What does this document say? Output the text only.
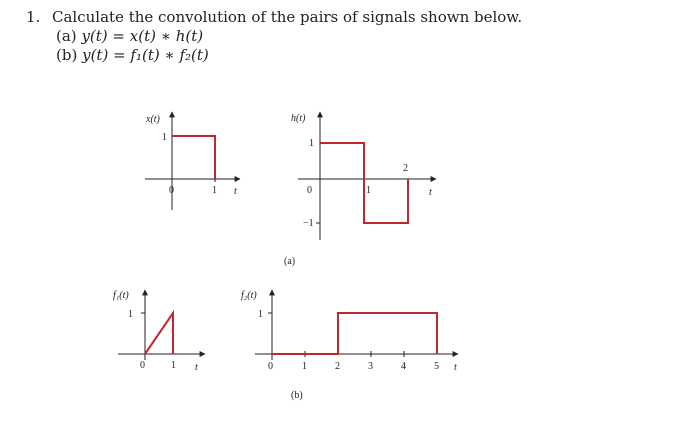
1. Calculate the convolution of the pairs of signals shown below.
(a) y(t) = x(t) ∗ h(t)
(b) y(t) = f₁(t) ∗ f₂(t)
x(t)
1
0	1 t
h(t)
1
−1
0	1
2
t
(a)
f₁(t)
1
0	1 t
f₂(t)
1
0	1	2	3	4	5 t
(b)
